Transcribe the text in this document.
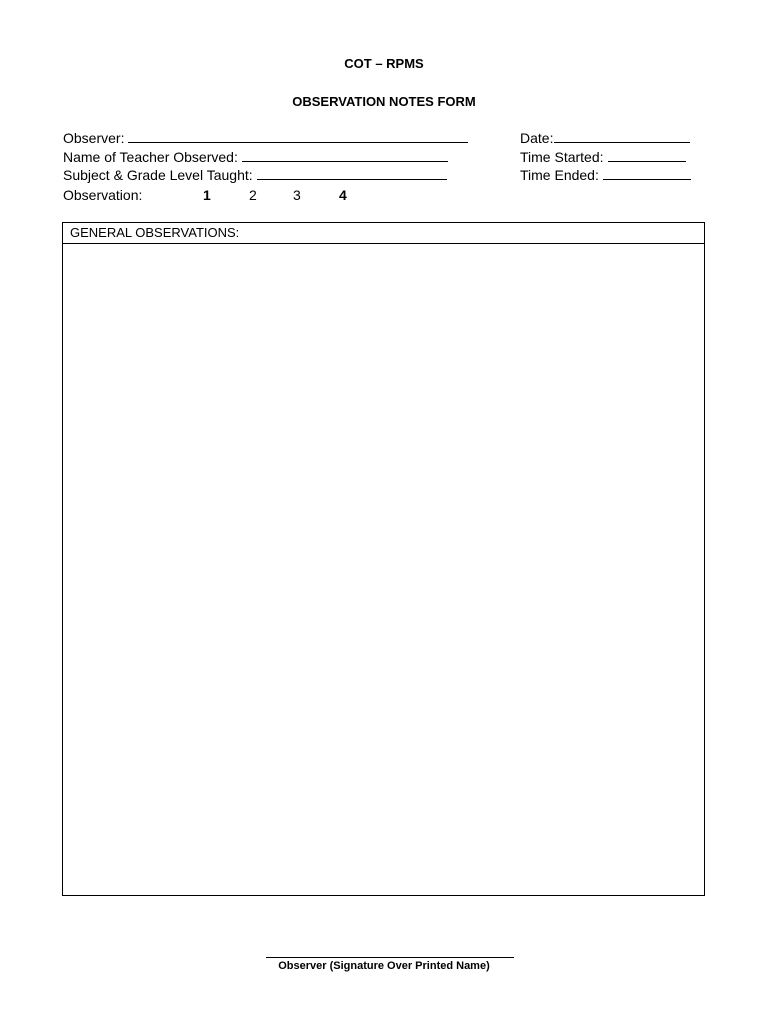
COT – RPMS
OBSERVATION NOTES FORM
Observer:
Name of Teacher Observed:
Subject & Grade Level Taught:
Observation:	1	2	3	4
Date:
Time Started:
Time Ended:
GENERAL OBSERVATIONS:
Observer (Signature Over Printed Name)
